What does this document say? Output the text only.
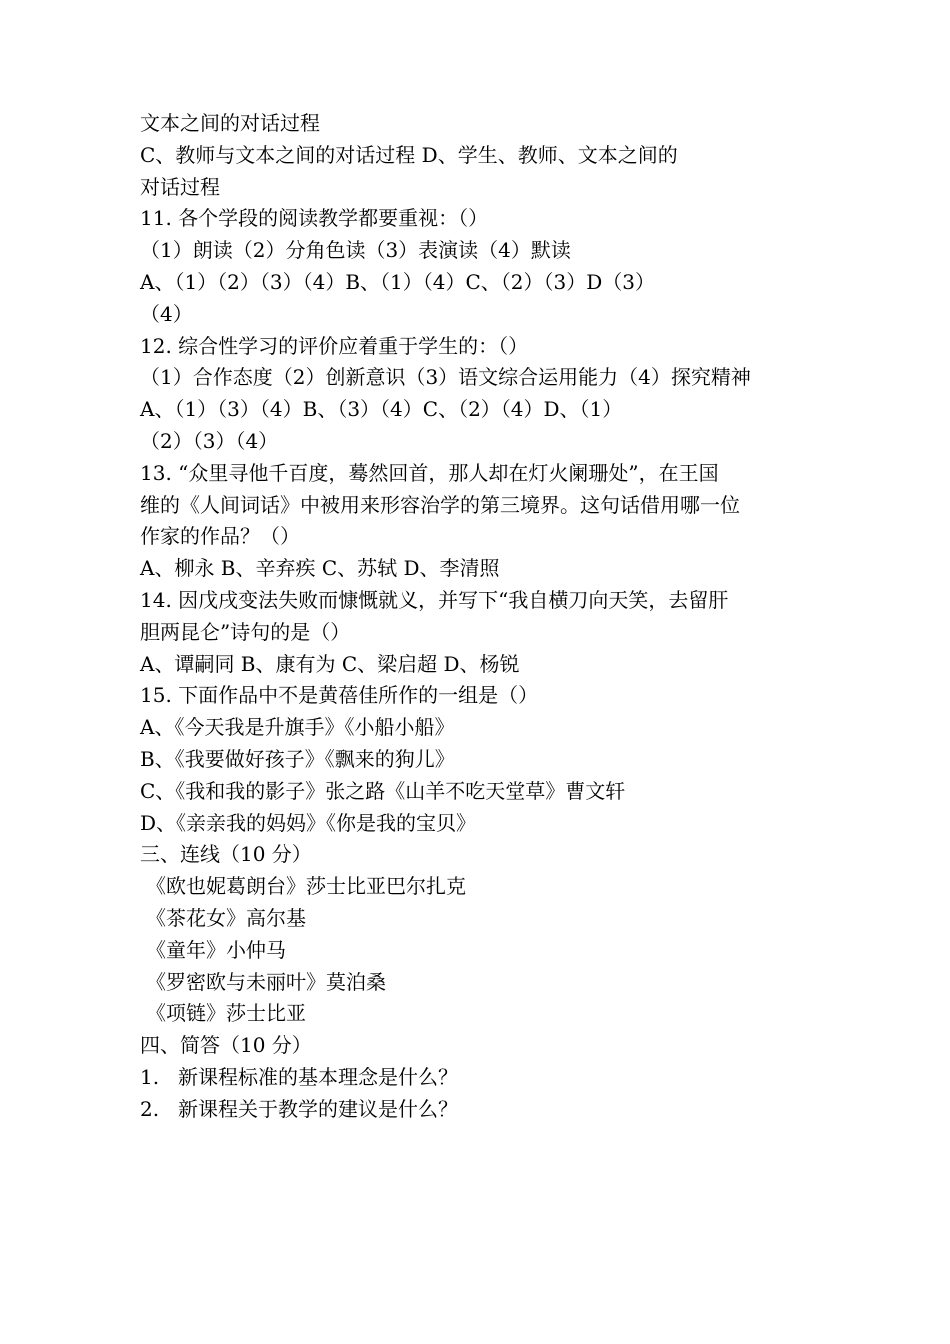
文本之间的对话过程
C、教师与文本之间的对话过程 D、学生、教师、文本之间的
对话过程
11. 各个学段的阅读教学都要重视：（）
（1）朗读（2）分角色读（3）表演读（4）默读
A、（1）（2）（3）（4）B、（1）（4）C、（2）（3）D（3）
（4）
12. 综合性学习的评价应着重于学生的：（）
（1）合作态度（2）创新意识（3）语文综合运用能力（4）探究精神
A、（1）（3）（4）B、（3）（4）C、（2）（4）D、（1）
（2）（3）（4）
13. “众里寻他千百度，蓦然回首，那人却在灯火阑珊处”，在王国
维的《人间词话》中被用来形容治学的第三境界。这句话借用哪一位
作家的作品？（）
A、柳永 B、辛弃疾 C、苏轼 D、李清照
14. 因戊戌变法失败而慷慨就义，并写下“我自横刀向天笑，去留肝
胆两昆仑”诗句的是（）
A、谭嗣同 B、康有为 C、梁启超 D、杨锐
15. 下面作品中不是黄蓓佳所作的一组是（）
A、《今天我是升旗手》《小船小船》
B、《我要做好孩子》《飘来的狗儿》
C、《我和我的影子》张之路《山羊不吃天堂草》曹文轩
D、《亲亲我的妈妈》《你是我的宝贝》
三、连线（10 分）
《欧也妮葛朗台》莎士比亚巴尔扎克
《茶花女》高尔基
《童年》小仲马
《罗密欧与未丽叶》莫泊桑
《项链》莎士比亚
四、简答（10 分）
1. 新课程标准的基本理念是什么？
2. 新课程关于教学的建议是什么？
